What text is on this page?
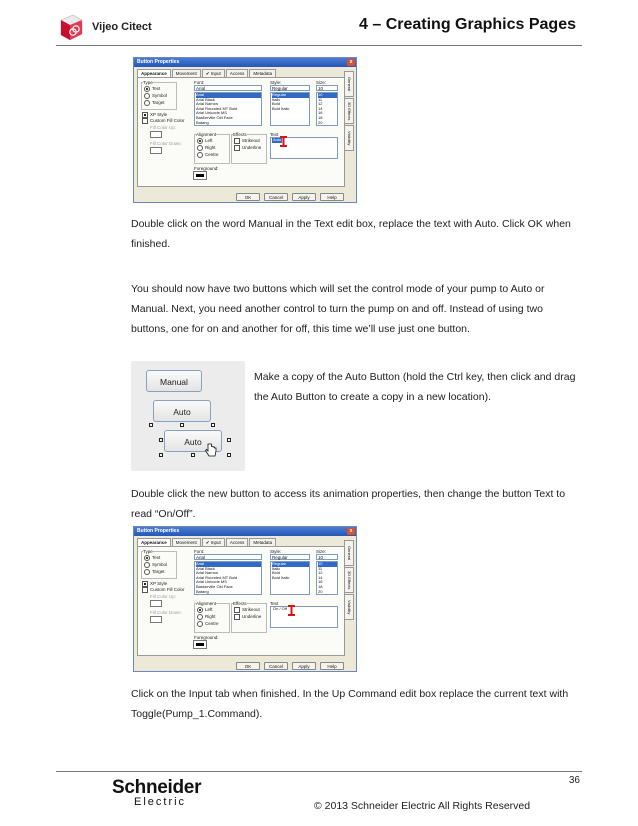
Vijeo Citect	4 – Creating Graphics Pages
Button Properties	x
Appearance Movement ✔ Input Access Metadata
General
3D Effects
Visibility
Type
Text
Symbol
Target
XP Style
Custom Fill Color
Fill Color Up:
Fill Color Down:
Font:
Arial
Arial
Arial Black
Arial Narrow
Arial Rounded MT Bold
Arial Unicode MS
Baskerville Old Face
Batang
Style:
Regular
Regular
Italic
Bold
Bold Italic
Size:
10
10
11
12
14
16
18
20
Alignment
Left
Right
Centre
Effects
Strikeout
Underline
Text
Auto
Foreground:
OK	Cancel	Apply	Help
Double click on the word Manual in the Text edit box, replace the text with Auto. Click OK when finished.
You should now have two buttons which will set the control mode of your pump to Auto or Manual. Next, you need another control to turn the pump on and off. Instead of using two buttons, one for on and another for off, this time we’ll use just one button.
Manual
Auto
Auto
Make a copy of the Auto Button (hold the Ctrl key, then click and drag the Auto Button to create a copy in a new location).
Double click the new button to access its animation properties, then change the button Text to read “On/Off”.
Button Properties	x
Appearance Movement ✔ Input Access Metadata
General
3D Effects
Visibility
Type
Text
Symbol
Target
XP Style
Custom Fill Color
Fill Color Up:
Fill Color Down:
Font:
Arial
Arial
Arial Black
Arial Narrow
Arial Rounded MT Bold
Arial Unicode MS
Baskerville Old Face
Batang
Style:
Regular
Regular
Italic
Bold
Bold Italic
Size:
10
10
11
12
14
16
18
20
Alignment
Left
Right
Centre
Effects
Strikeout
Underline
Text
On / Off
Foreground:
OK	Cancel	Apply	Help
Click on the Input tab when finished. In the Up Command edit box replace the current text with Toggle(Pump_1.Command).
36
Schneider
Electric	© 2013 Schneider Electric All Rights Reserved
